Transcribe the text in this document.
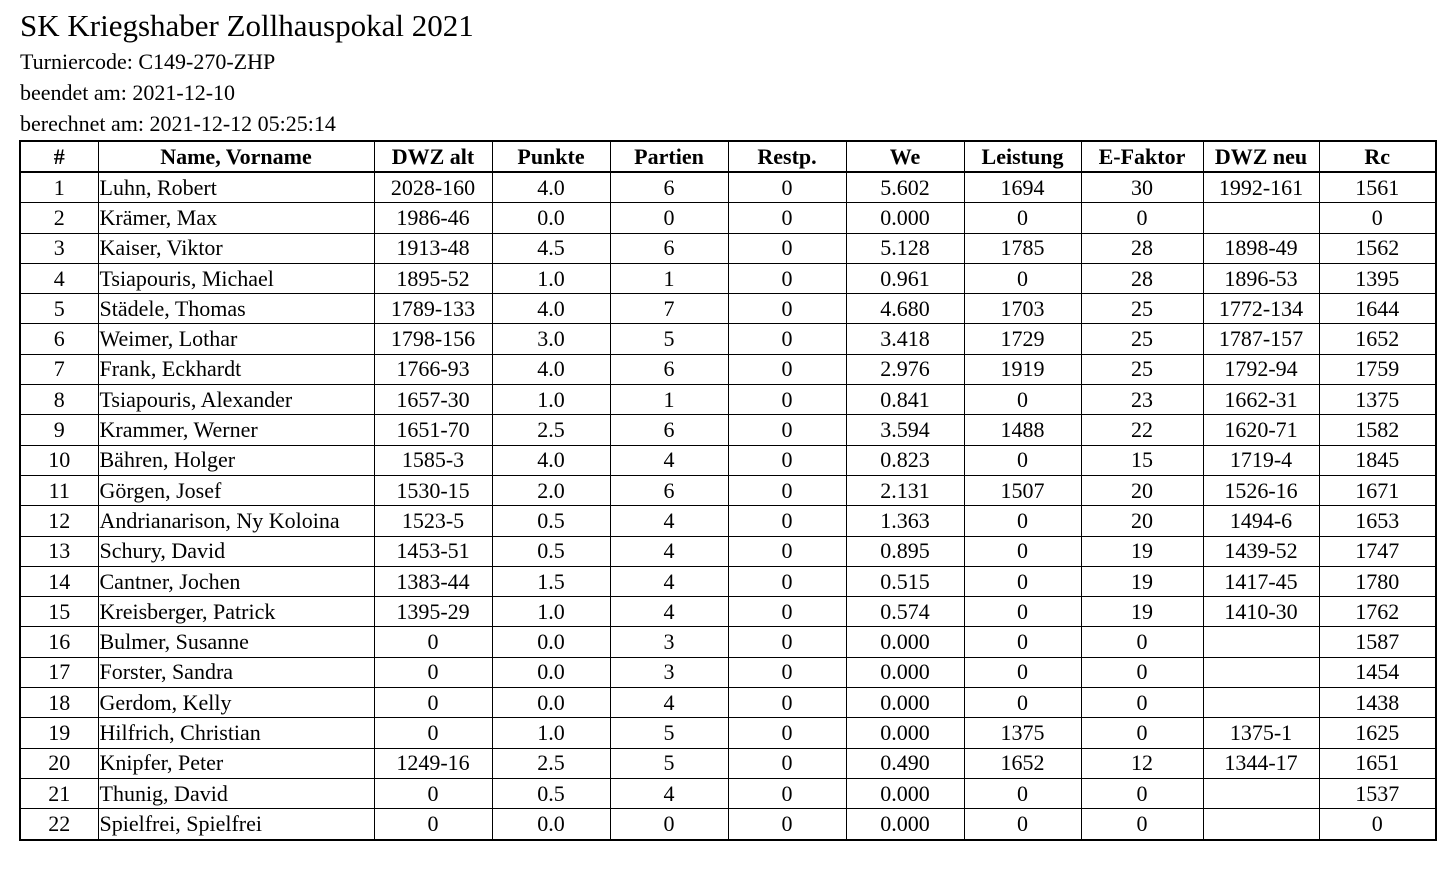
SK Kriegshaber Zollhauspokal 2021
Turniercode: C149-270-ZHP
beendet am: 2021-12-10
berechnet am: 2021-12-12 05:25:14
#	Name, Vorname	DWZ alt	Punkte	Partien	Restp.	We	Leistung	E-Faktor	DWZ neu	Rc
1	Luhn, Robert	2028-160	4.0	6	0	5.602	1694	30	1992-161	1561
2	Krämer, Max	1986-46	0.0	0	0	0.000	0	0		0
3	Kaiser, Viktor	1913-48	4.5	6	0	5.128	1785	28	1898-49	1562
4	Tsiapouris, Michael	1895-52	1.0	1	0	0.961	0	28	1896-53	1395
5	Städele, Thomas	1789-133	4.0	7	0	4.680	1703	25	1772-134	1644
6	Weimer, Lothar	1798-156	3.0	5	0	3.418	1729	25	1787-157	1652
7	Frank, Eckhardt	1766-93	4.0	6	0	2.976	1919	25	1792-94	1759
8	Tsiapouris, Alexander	1657-30	1.0	1	0	0.841	0	23	1662-31	1375
9	Krammer, Werner	1651-70	2.5	6	0	3.594	1488	22	1620-71	1582
10	Bähren, Holger	1585-3	4.0	4	0	0.823	0	15	1719-4	1845
11	Görgen, Josef	1530-15	2.0	6	0	2.131	1507	20	1526-16	1671
12	Andrianarison, Ny Koloina	1523-5	0.5	4	0	1.363	0	20	1494-6	1653
13	Schury, David	1453-51	0.5	4	0	0.895	0	19	1439-52	1747
14	Cantner, Jochen	1383-44	1.5	4	0	0.515	0	19	1417-45	1780
15	Kreisberger, Patrick	1395-29	1.0	4	0	0.574	0	19	1410-30	1762
16	Bulmer, Susanne	0	0.0	3	0	0.000	0	0		1587
17	Forster, Sandra	0	0.0	3	0	0.000	0	0		1454
18	Gerdom, Kelly	0	0.0	4	0	0.000	0	0		1438
19	Hilfrich, Christian	0	1.0	5	0	0.000	1375	0	1375-1	1625
20	Knipfer, Peter	1249-16	2.5	5	0	0.490	1652	12	1344-17	1651
21	Thunig, David	0	0.5	4	0	0.000	0	0		1537
22	Spielfrei, Spielfrei	0	0.0	0	0	0.000	0	0		0
